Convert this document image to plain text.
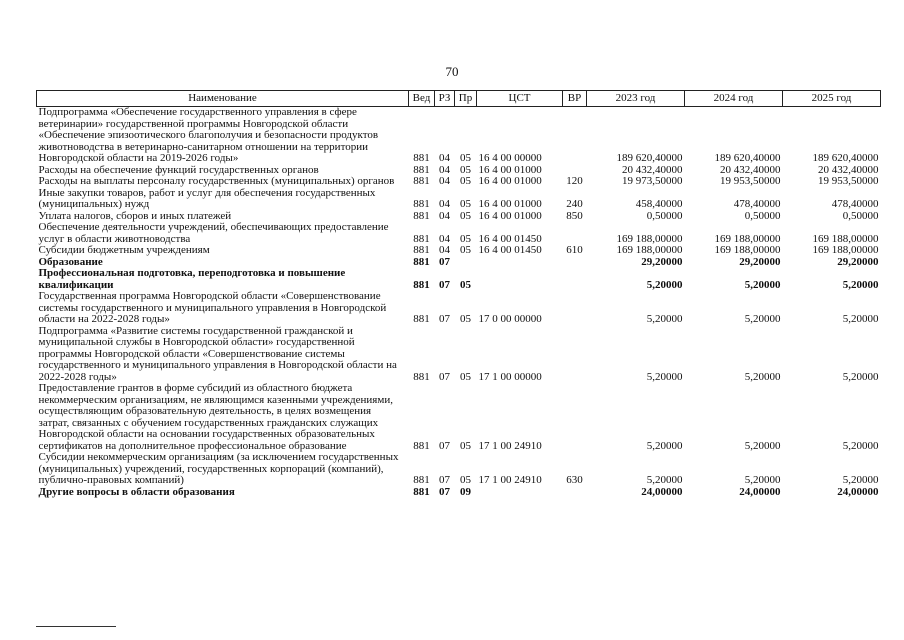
70
Наименование	Вед	РЗ	Пр	ЦСТ	ВР	2023 год	2024 год	2025 год
Подпрограмма «Обеспечение государственного управления в сфере ветеринарии» государственной программы Новгородской области «Обеспечение эпизоотического благополучия и безопасности продуктов животноводства в ветеринарно-санитарном отношении на территории Новгородской области на 2019-2026 годы»	881	04	05	16 4 00 00000		189 620,40000	189 620,40000	189 620,40000
Расходы на обеспечение функций государственных органов	881	04	05	16 4 00 01000		20 432,40000	20 432,40000	20 432,40000
Расходы на выплаты персоналу государственных (муниципальных) органов	881	04	05	16 4 00 01000	120	19 973,50000	19 953,50000	19 953,50000
Иные закупки товаров, работ и услуг для обеспечения государственных (муниципальных) нужд	881	04	05	16 4 00 01000	240	458,40000	478,40000	478,40000
Уплата налогов, сборов и иных платежей	881	04	05	16 4 00 01000	850	0,50000	0,50000	0,50000
Обеспечение деятельности учреждений, обеспечивающих предоставление услуг в области животноводства	881	04	05	16 4 00 01450		169 188,00000	169 188,00000	169 188,00000
Субсидии бюджетным учреждениям	881	04	05	16 4 00 01450	610	169 188,00000	169 188,00000	169 188,00000
Образование	881	07				29,20000	29,20000	29,20000
Профессиональная подготовка, переподготовка и повышение квалификации	881	07	05			5,20000	5,20000	5,20000
Государственная программа Новгородской области «Совершенствование системы государственного и муниципального управления в Новгородской области на 2022-2028 годы»	881	07	05	17 0 00 00000		5,20000	5,20000	5,20000
Подпрограмма «Развитие системы государственной гражданской и муниципальной службы в Новгородской области» государственной программы Новгородской области «Совершенствование системы государственного и муниципального управления в Новгородской области на 2022-2028 годы»	881	07	05	17 1 00 00000		5,20000	5,20000	5,20000
Предоставление грантов в форме субсидий из областного бюджета некоммерческим организациям, не являющимся казенными учреждениями, осуществляющим образовательную деятельность, в целях возмещения затрат, связанных с обучением государственных гражданских служащих Новгородской области на основании государственных образовательных сертификатов на дополнительное профессиональное образование	881	07	05	17 1 00 24910		5,20000	5,20000	5,20000
Субсидии некоммерческим организациям (за исключением государственных (муниципальных) учреждений, государственных корпораций (компаний), публично-правовых компаний)	881	07	05	17 1 00 24910	630	5,20000	5,20000	5,20000
Другие вопросы в области образования	881	07	09			24,00000	24,00000	24,00000
